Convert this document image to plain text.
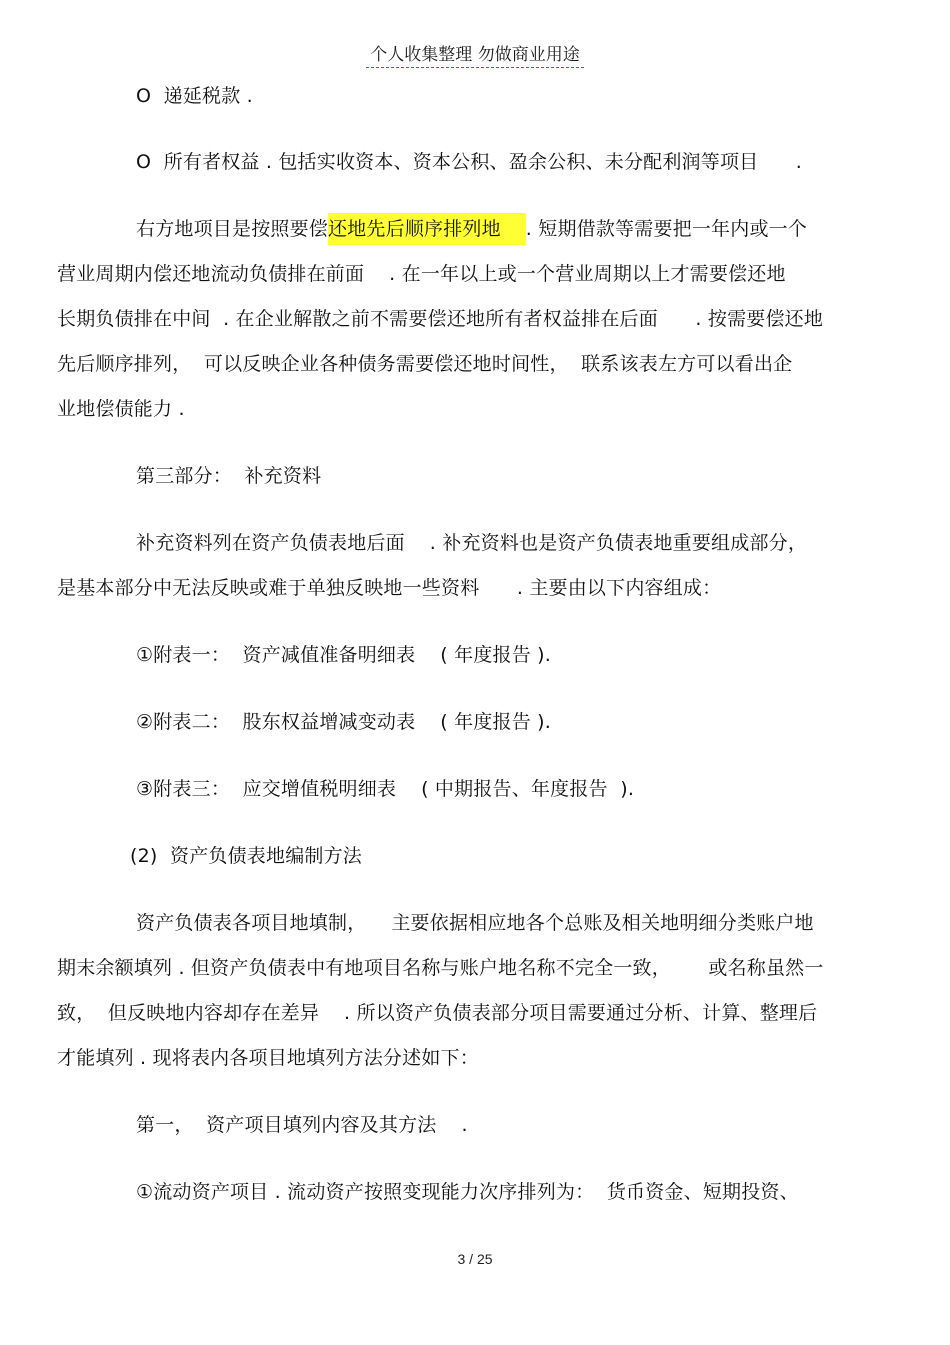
个人收集整理 勿做商业用途
O  递延税款 .
O  所有者权益 . 包括实收资本、资本公积、盈余公积、未分配利润等项目      .
右方地项目是按照要偿还地先后顺序排列地    . 短期借款等需要把一年内或一个
营业周期内偿还地流动负债排在前面    . 在一年以上或一个营业周期以上才需要偿还地
长期负债排在中间  . 在企业解散之前不需要偿还地所有者权益排在后面      . 按需要偿还地
先后顺序排列，  可以反映企业各种债务需要偿还地时间性，  联系该表左方可以看出企
业地偿债能力 .
第三部分：  补充资料
补充资料列在资产负债表地后面    . 补充资料也是资产负债表地重要组成部分，
是基本部分中无法反映或难于单独反映地一些资料      . 主要由以下内容组成：
①附表一：  资产减值准备明细表    ( 年度报告 ).
②附表二：  股东权益增减变动表    ( 年度报告 ).
③附表三：  应交增值税明细表    ( 中期报告、年度报告  ).
(2)  资产负债表地编制方法
资产负债表各项目地填制，    主要依据相应地各个总账及相关地明细分类账户地
期末余额填列 . 但资产负债表中有地项目名称与账户地名称不完全一致，      或名称虽然一
致，  但反映地内容却存在差异    . 所以资产负债表部分项目需要通过分析、计算、整理后
才能填列 . 现将表内各项目地填列方法分述如下：
第一，  资产项目填列内容及其方法    .
①流动资产项目 . 流动资产按照变现能力次序排列为：  货币资金、短期投资、
3 / 25
